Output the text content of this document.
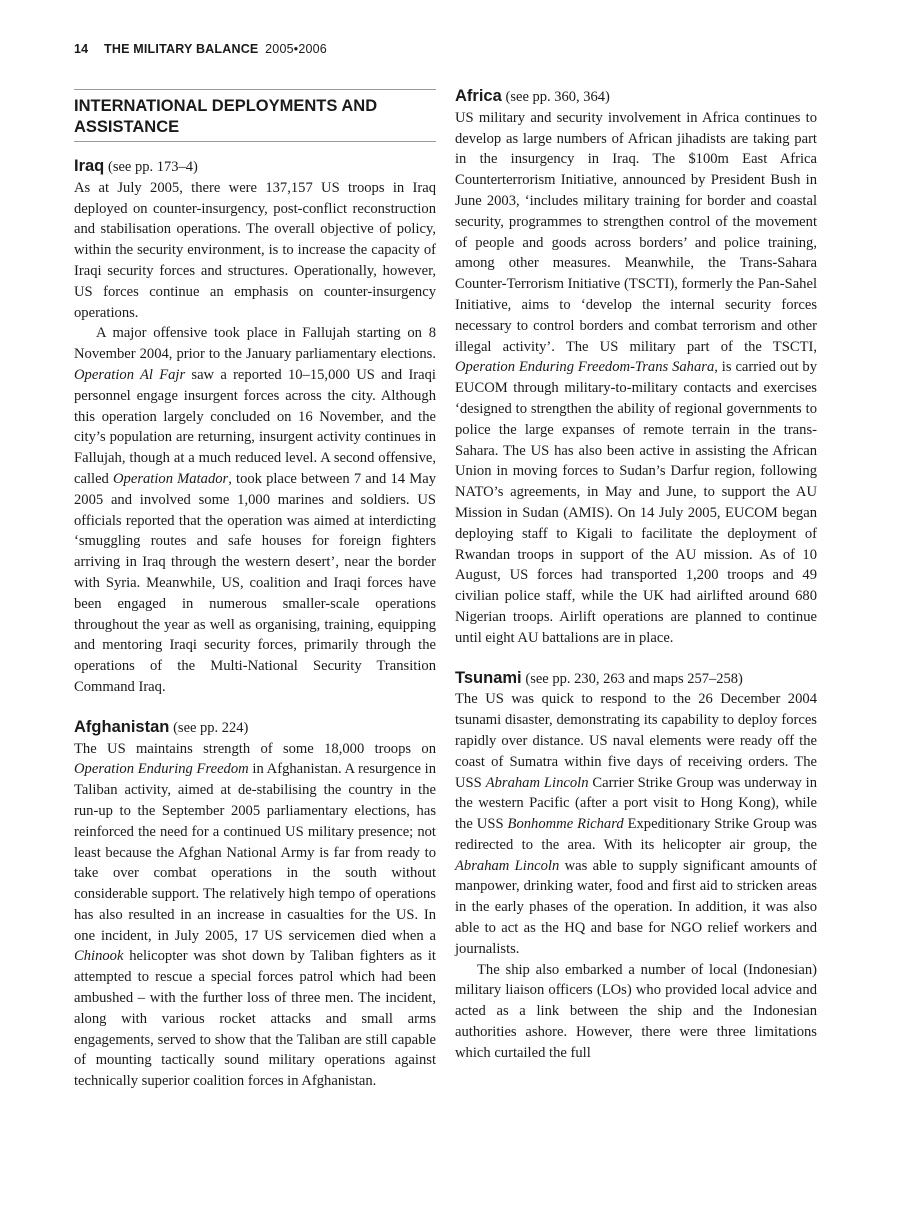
14 THE MILITARY BALANCE 2005•2006
INTERNATIONAL DEPLOYMENTS AND
ASSISTANCE

Iraq (see pp. 173–4)

As at July 2005, there were 137,157 US troops in Iraq deployed on counter-insurgency, post-conflict reconstruction and stabilisation operations. The overall objective of policy, within the security environment, is to increase the capacity of Iraqi security forces and structures. Operationally, however, US forces continue an emphasis on counter-insurgency operations.

A major offensive took place in Fallujah starting on 8 November 2004, prior to the January parliamentary elections. Operation Al Fajr saw a reported 10–15,000 US and Iraqi personnel engage insurgent forces across the city. Although this operation largely concluded on 16 November, and the city’s population are returning, insurgent activity continues in Fallujah, though at a much reduced level. A second offensive, called Operation Matador, took place between 7 and 14 May 2005 and involved some 1,000 marines and soldiers. US officials reported that the operation was aimed at interdicting ‘smuggling routes and safe houses for foreign fighters arriving in Iraq through the western desert’, near the border with Syria. Meanwhile, US, coalition and Iraqi forces have been engaged in numerous smaller-scale operations throughout the year as well as organising, training, equipping and mentoring Iraqi security forces, primarily through the operations of the Multi-National Security Transition Command Iraq.

Afghanistan (see pp. 224)

The US maintains strength of some 18,000 troops on Operation Enduring Freedom in Afghanistan. A resurgence in Taliban activity, aimed at de-stabilising the country in the run-up to the September 2005 parliamentary elections, has reinforced the need for a continued US military presence; not least because the Afghan National Army is far from ready to take over combat operations in the south without considerable support. The relatively high tempo of operations has also resulted in an increase in casualties for the US. In one incident, in July 2005, 17 US servicemen died when a Chinook helicopter was shot down by Taliban fighters as it attempted to rescue a special forces patrol which had been ambushed – with the further loss of three men. The incident, along with various rocket attacks and small arms engagements, served to show that the Taliban are still capable of mounting tactically sound military operations against technically superior coalition forces in Afghanistan.

Africa (see pp. 360, 364)

US military and security involvement in Africa continues to develop as large numbers of African jihadists are taking part in the insurgency in Iraq. The $100m East Africa Counterterrorism Initiative, announced by President Bush in June 2003, ‘includes military training for border and coastal security, programmes to strengthen control of the movement of people and goods across borders’ and police training, among other measures. Meanwhile, the Trans-Sahara Counter-Terrorism Initiative (TSCTI), formerly the Pan-Sahel Initiative, aims to ‘develop the internal security forces necessary to control borders and combat terrorism and other illegal activity’. The US military part of the TSCTI, Operation Enduring Freedom-Trans Sahara, is carried out by EUCOM through military-to-military contacts and exercises ‘designed to strengthen the ability of regional governments to police the large expanses of remote terrain in the trans-Sahara. The US has also been active in assisting the African Union in moving forces to Sudan’s Darfur region, following NATO’s agreements, in May and June, to support the AU Mission in Sudan (AMIS). On 14 July 2005, EUCOM began deploying staff to Kigali to facilitate the deployment of Rwandan troops in support of the AU mission. As of 10 August, US forces had transported 1,200 troops and 49 civilian police staff, while the UK had airlifted around 680 Nigerian troops. Airlift operations are planned to continue until eight AU battalions are in place.

Tsunami (see pp. 230, 263 and maps 257–258)

The US was quick to respond to the 26 December 2004 tsunami disaster, demonstrating its capability to deploy forces rapidly over distance. US naval elements were ready off the coast of Sumatra within five days of receiving orders. The USS Abraham Lincoln Carrier Strike Group was underway in the western Pacific (after a port visit to Hong Kong), while the USS Bonhomme Richard Expeditionary Strike Group was redirected to the area. With its helicopter air group, the Abraham Lincoln was able to supply significant amounts of manpower, drinking water, food and first aid to stricken areas in the early phases of the operation. In addition, it was also able to act as the HQ and base for NGO relief workers and journalists.

The ship also embarked a number of local (Indonesian) military liaison officers (LOs) who provided local advice and acted as a link between the ship and the Indonesian authorities ashore. However, there were three limitations which curtailed the full
